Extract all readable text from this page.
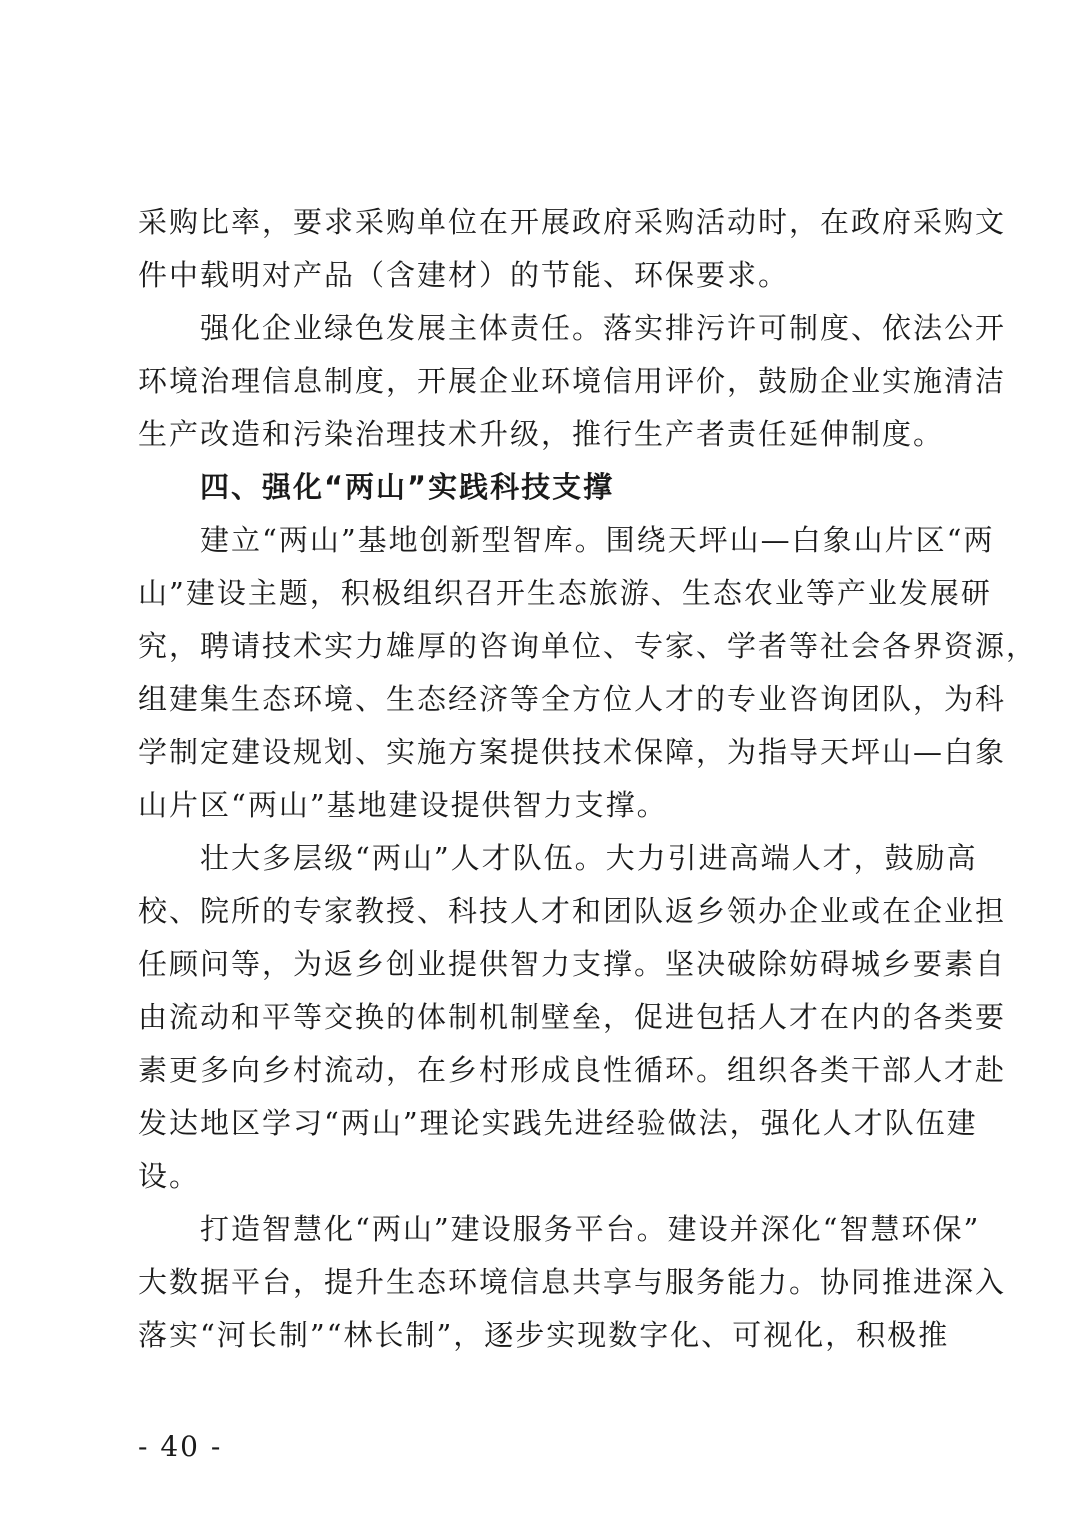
采购比率，要求采购单位在开展政府采购活动时，在政府采购文
件中载明对产品（含建材）的节能、环保要求。
强化企业绿色发展主体责任。落实排污许可制度、依法公开
环境治理信息制度，开展企业环境信用评价，鼓励企业实施清洁
生产改造和污染治理技术升级，推行生产者责任延伸制度。
四、强化“两山”实践科技支撑
建立“两山”基地创新型智库。围绕天坪山—白象山片区“两
山”建设主题，积极组织召开生态旅游、生态农业等产业发展研
究，聘请技术实力雄厚的咨询单位、专家、学者等社会各界资源，
组建集生态环境、生态经济等全方位人才的专业咨询团队，为科
学制定建设规划、实施方案提供技术保障，为指导天坪山—白象
山片区“两山”基地建设提供智力支撑。
壮大多层级“两山”人才队伍。大力引进高端人才，鼓励高
校、院所的专家教授、科技人才和团队返乡领办企业或在企业担
任顾问等，为返乡创业提供智力支撑。坚决破除妨碍城乡要素自
由流动和平等交换的体制机制壁垒，促进包括人才在内的各类要
素更多向乡村流动，在乡村形成良性循环。组织各类干部人才赴
发达地区学习“两山”理论实践先进经验做法，强化人才队伍建
设。
打造智慧化“两山”建设服务平台。建设并深化“智慧环保”
大数据平台，提升生态环境信息共享与服务能力。协同推进深入
落实“河长制”“林长制”，逐步实现数字化、可视化，积极推
- 40 -
